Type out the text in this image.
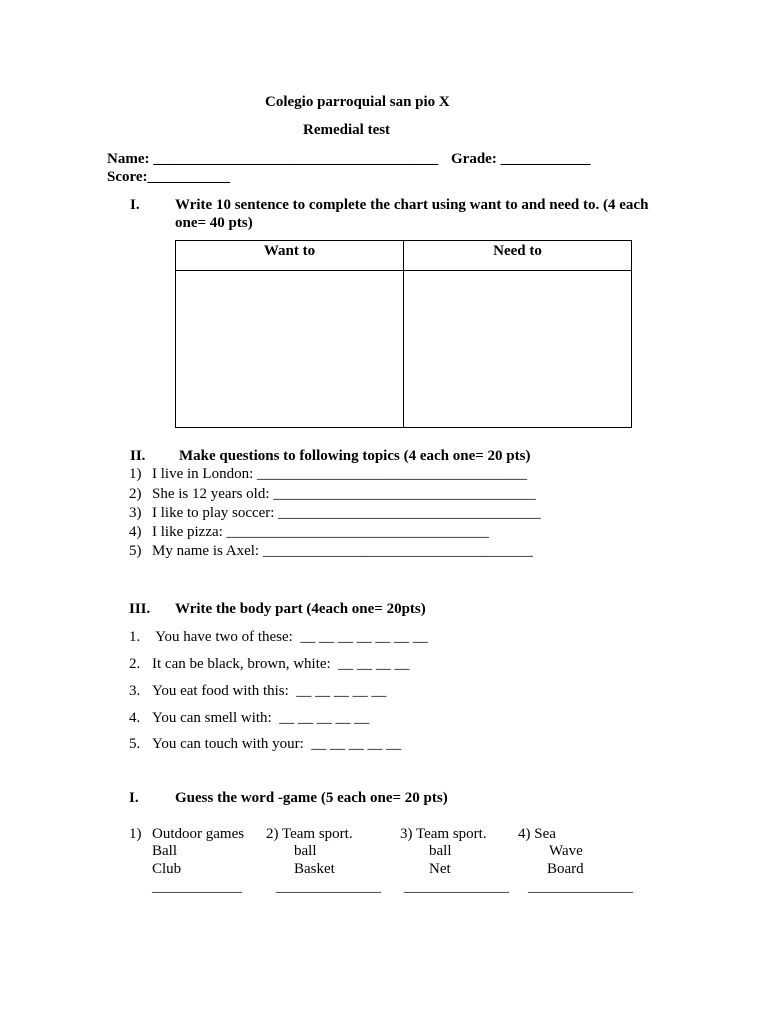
Colegio parroquial san pio X
Remedial test
Name: ______________________________________ Grade: ____________
Score:___________
I. Write 10 sentence to complete the chart using want to and need to. (4 each
one= 40 pts)
Want to	Need to

II. Make questions to following topics (4 each one= 20 pts)
1) I live in London: ____________________________________
2) She is 12 years old: ___________________________________
3) I like to play soccer: ___________________________________
4) I like pizza: ___________________________________
5) My name is Axel: ____________________________________
III. Write the body part (4each one= 20pts)
1. You have two of these:  __ __ __ __ __ __ __
2. It can be black, brown, white:  __ __ __ __
3. You eat food with this:  __ __ __ __ __
4. You can smell with:  __ __ __ __ __
5. You can touch with your:  __ __ __ __ __
I. Guess the word -game (5 each one= 20 pts)
1) Outdoor games
Ball
Club
____________
2) Team sport.
ball
Basket
______________
3) Team sport.
ball
Net
______________
4) Sea
Wave
Board
______________
